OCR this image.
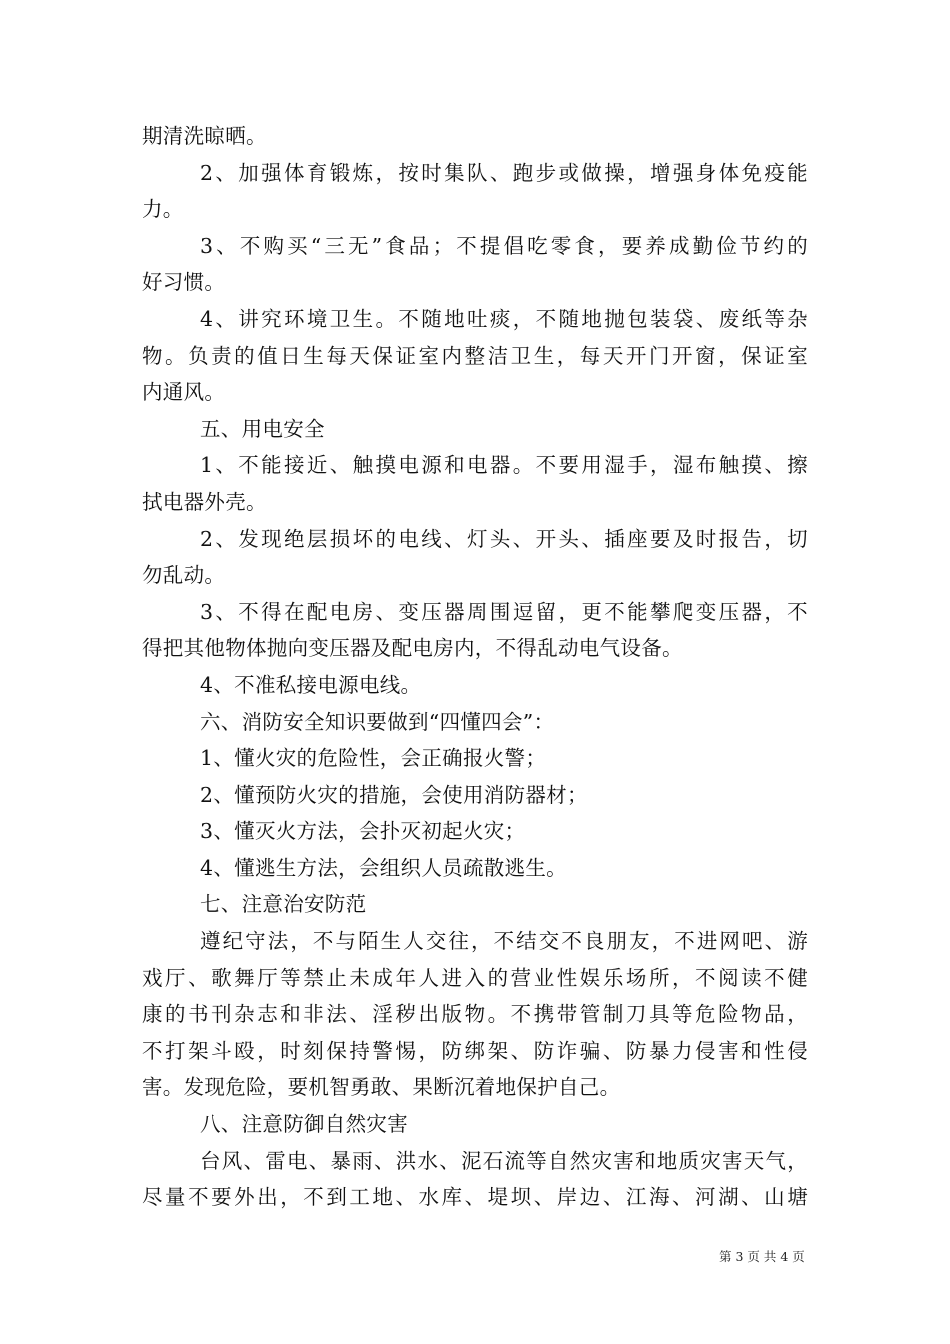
期清洗晾晒。
2、加强体育锻炼，按时集队、跑步或做操，增强身体免疫能
力。
3、不购买“三无”食品；不提倡吃零食，要养成勤俭节约的
好习惯。
4、讲究环境卫生。不随地吐痰，不随地抛包装袋、废纸等杂
物。负责的值日生每天保证室内整洁卫生，每天开门开窗，保证室
内通风。
五、用电安全
1、不能接近、触摸电源和电器。不要用湿手，湿布触摸、擦
拭电器外壳。
2、发现绝层损坏的电线、灯头、开头、插座要及时报告，切
勿乱动。
3、不得在配电房、变压器周围逗留，更不能攀爬变压器，不
得把其他物体抛向变压器及配电房内，不得乱动电气设备。
4、不准私接电源电线。
六、消防安全知识要做到“四懂四会”：
1、懂火灾的危险性，会正确报火警；
2、懂预防火灾的措施，会使用消防器材；
3、懂灭火方法，会扑灭初起火灾；
4、懂逃生方法，会组织人员疏散逃生。
七、注意治安防范
遵纪守法，不与陌生人交往，不结交不良朋友，不进网吧、游
戏厅、歌舞厅等禁止未成年人进入的营业性娱乐场所，不阅读不健
康的书刊杂志和非法、淫秽出版物。不携带管制刀具等危险物品，
不打架斗殴，时刻保持警惕，防绑架、防诈骗、防暴力侵害和性侵
害。发现危险，要机智勇敢、果断沉着地保护自己。
八、注意防御自然灾害
台风、雷电、暴雨、洪水、泥石流等自然灾害和地质灾害天气，
尽量不要外出，不到工地、水库、堤坝、岸边、江海、河湖、山塘
第 3 页 共 4 页
